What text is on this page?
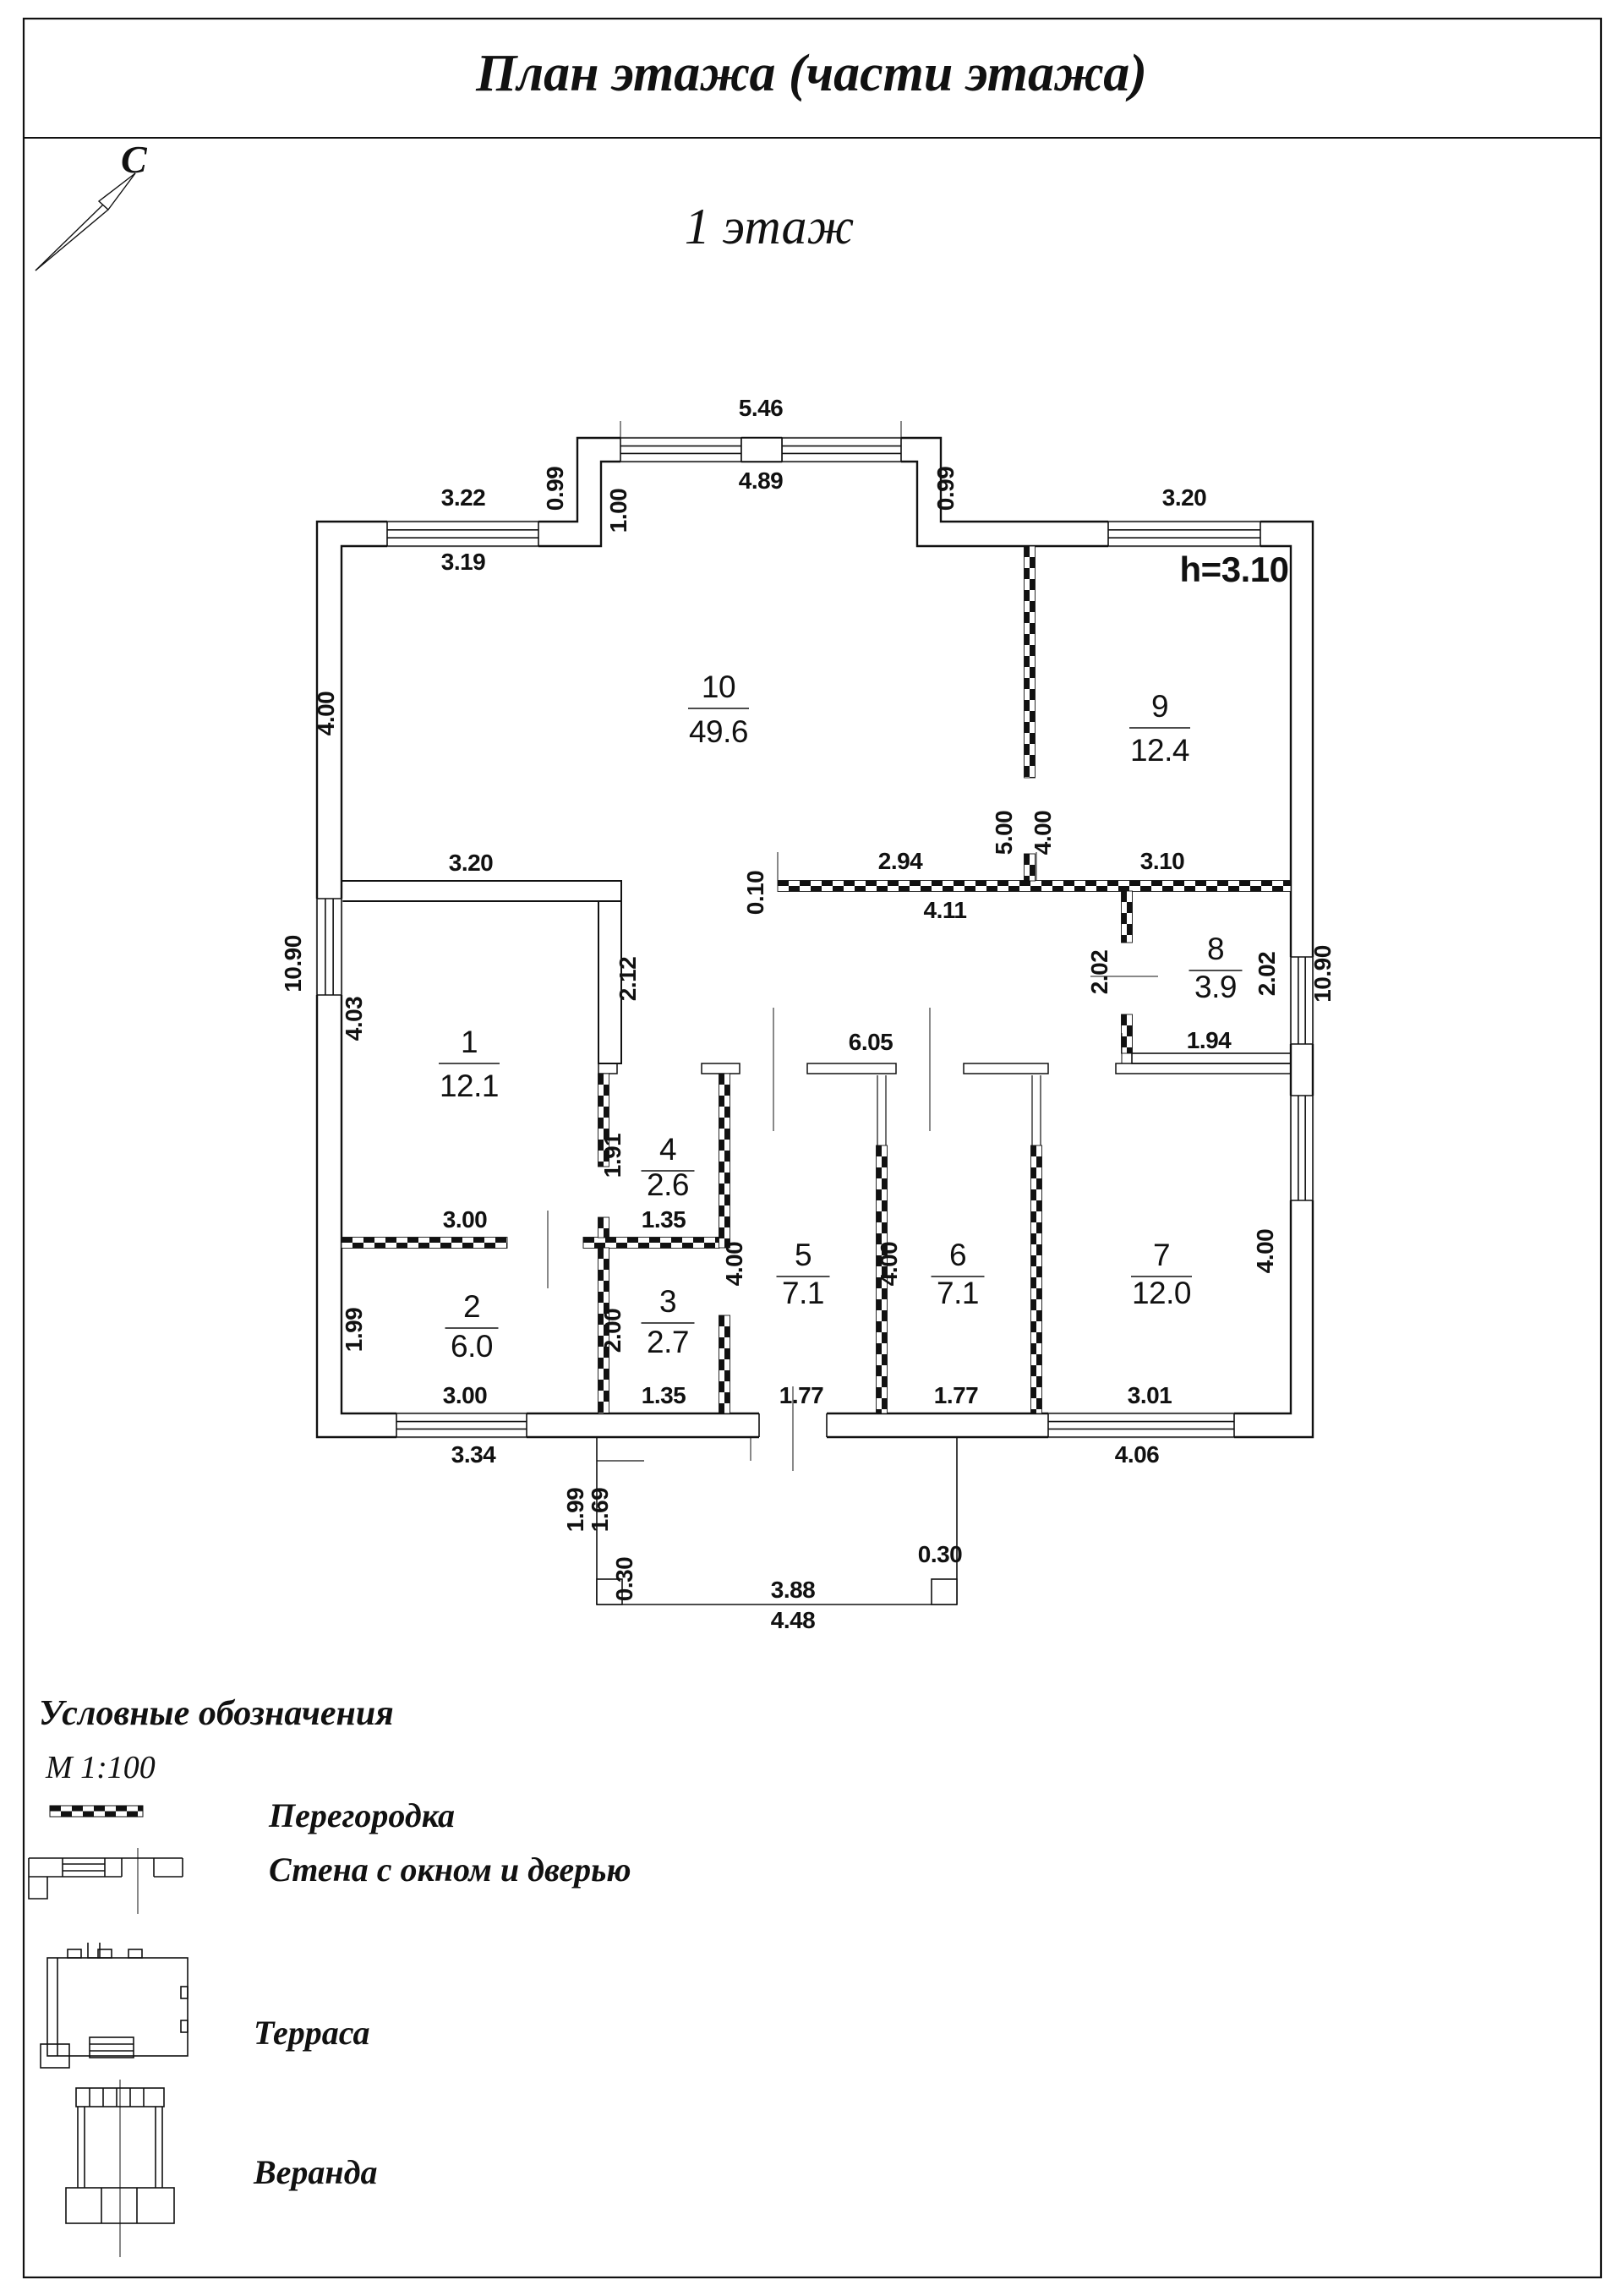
5.46
4.89
3.22
3.19
3.20
3.20	2.94	3.10
4.11
6.05	1.94
1.35
3.00
3.00	1.35	1.77	1.77	3.01
3.34	4.06
3.88
4.48
0.30
0.99 1.00	0.99
4.00
10.90
4.03
1.99
5.00 4.00
0.10
2.12	2.02	2.02 10.90
1.91
2.00
4.00	4.00	4.00
1.99
1.69
0.30
h=3.10
10
49.6
9
12.4
8
3.9
1
12.1
4
2.6
5
7.1
6
7.1
7
12.0
2
6.0
3
2.7
План этажа (части этажа)
1 этаж
С
Условные обозначения
М 1:100
Перегородка
Стена с окном и дверью
Терраса
Веранда
